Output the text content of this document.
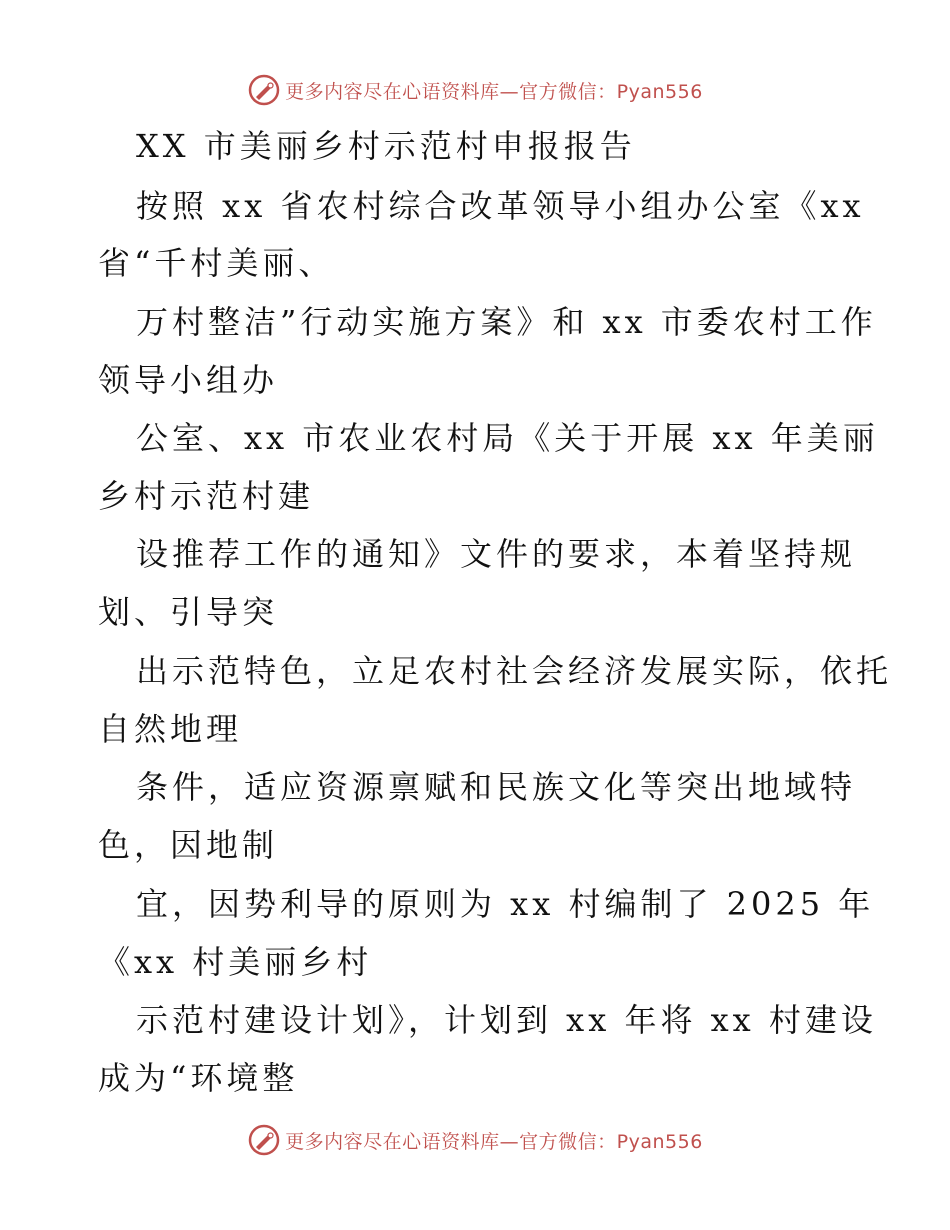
更多内容尽在心语资料库—官方微信：Pyan556
XX 市美丽乡村示范村申报报告
按照 xx 省农村综合改革领导小组办公室《xx
省“千村美丽、
万村整洁”行动实施方案》和 xx 市委农村工作
领导小组办
公室、xx 市农业农村局《关于开展 xx 年美丽
乡村示范村建
设推荐工作的通知》文件的要求，本着坚持规
划、引导突
出示范特色，立足农村社会经济发展实际，依托
自然地理
条件，适应资源禀赋和民族文化等突出地域特
色，因地制
宜，因势利导的原则为 xx 村编制了 2025 年
《xx 村美丽乡村
示范村建设计划》，计划到 xx 年将 xx 村建设
成为“环境整
更多内容尽在心语资料库—官方微信：Pyan556
